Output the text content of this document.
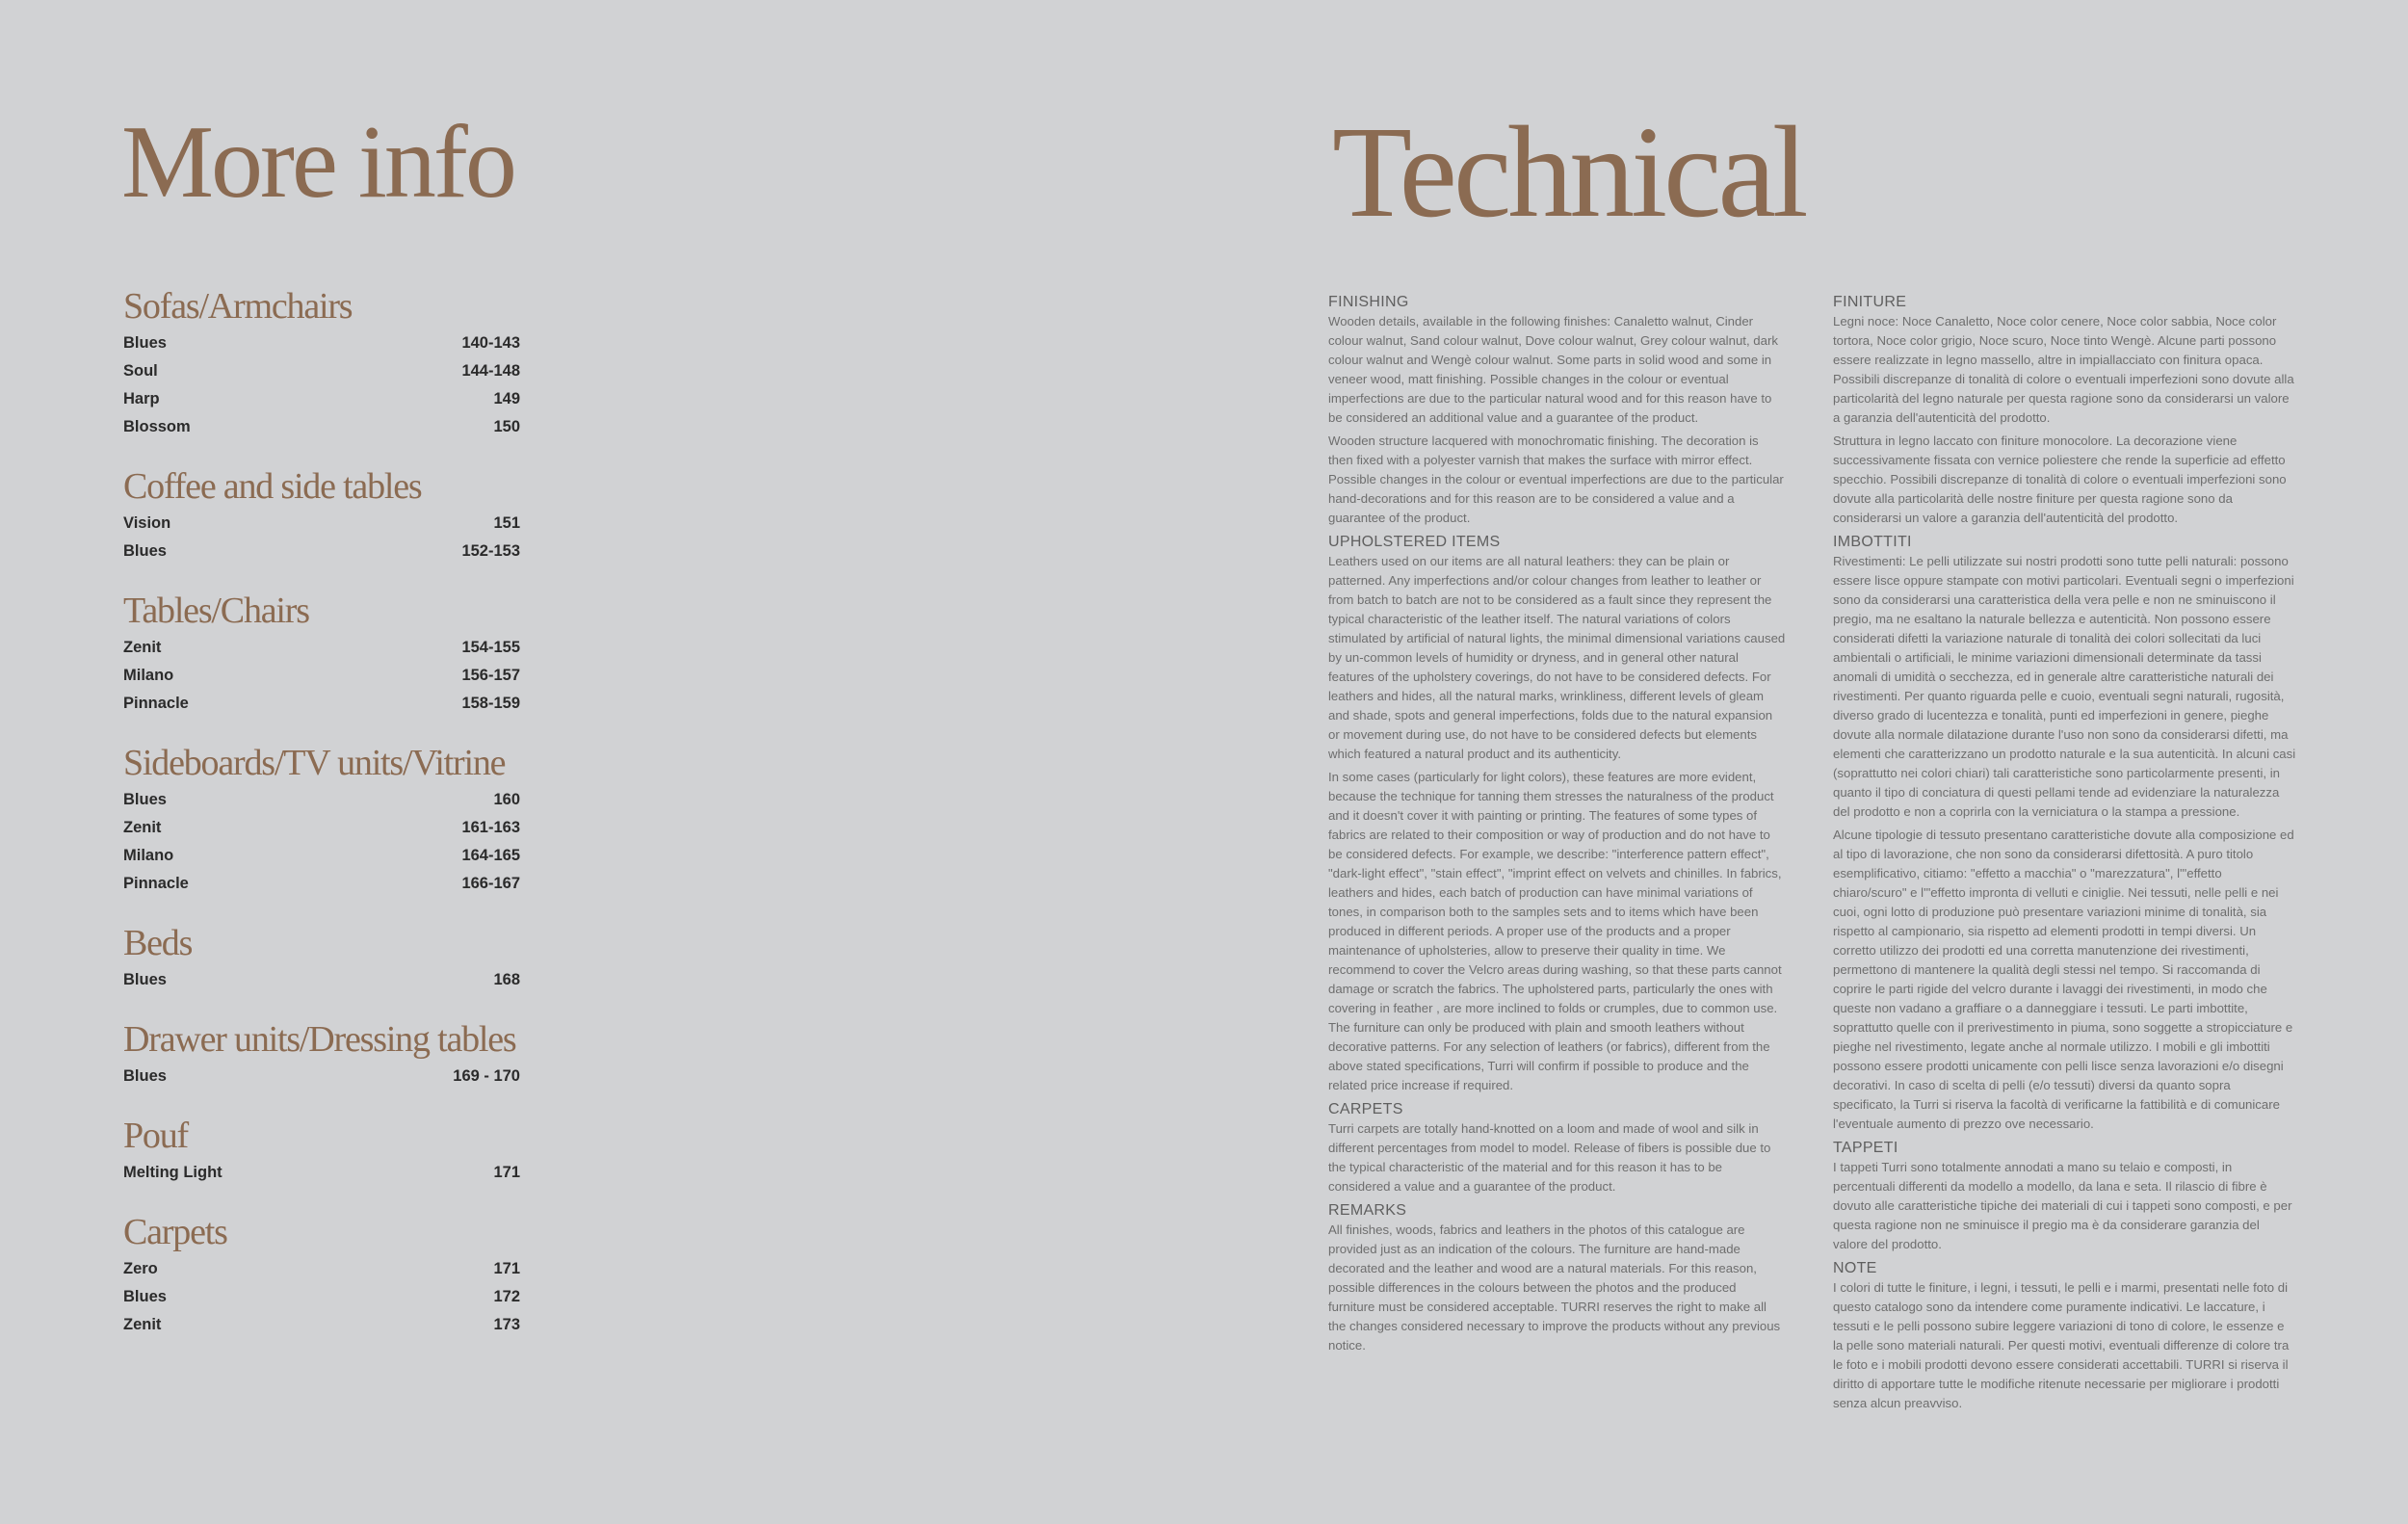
More info
Sofas/Armchairs
Blues	140-143
Soul	144-148
Harp	149
Blossom	150
Coffee and side tables
Vision	151
Blues	152-153
Tables/Chairs
Zenit	154-155
Milano	156-157
Pinnacle	158-159
Sideboards/TV units/Vitrine
Blues	160
Zenit	161-163
Milano	164-165
Pinnacle	166-167
Beds
Blues	168
Drawer units/Dressing tables
Blues	169 - 170
Pouf
Melting Light	171
Carpets
Zero	171
Blues	172
Zenit	173
Technical
FINISHING

Wooden details, available in the following finishes: Canaletto walnut, Cinder colour walnut, Sand colour walnut, Dove colour walnut, Grey colour walnut, dark colour walnut and Wengè colour walnut. Some parts in solid wood and some in veneer wood, matt finishing. Possible changes in the colour or eventual imperfections are due to the particular natural wood and for this reason have to be considered an additional value and a guarantee of the product.

Wooden structure lacquered with monochromatic finishing. The decoration is then fixed with a polyester varnish that makes the surface with mirror effect. Possible changes in the colour or eventual imperfections are due to the particular hand-decorations and for this reason are to be considered a value and a guarantee of the product.

UPHOLSTERED ITEMS

Leathers used on our items are all natural leathers: they can be plain or patterned. Any imperfections and/or colour changes from leather to leather or from batch to batch are not to be considered as a fault since they represent the typical characteristic of the leather itself. The natural variations of colors stimulated by artificial of natural lights, the minimal dimensional variations caused by un-common levels of humidity or dryness, and in general other natural features of the upholstery coverings, do not have to be considered defects. For leathers and hides, all the natural marks, wrinkliness, different levels of gleam and shade, spots and general imperfections, folds due to the natural expansion or movement during use, do not have to be considered defects but elements which featured a natural product and its authenticity.

In some cases (particularly for light colors), these features are more evident, because the technique for tanning them stresses the naturalness of the product and it doesn't cover it with painting or printing. The features of some types of fabrics are related to their composition or way of production and do not have to be considered defects. For example, we describe: "interference pattern effect", "dark-light effect", "stain effect", "imprint effect on velvets and chinilles. In fabrics, leathers and hides, each batch of production can have minimal variations of tones, in comparison both to the samples sets and to items which have been produced in different periods. A proper use of the products and a proper maintenance of upholsteries, allow to preserve their quality in time. We recommend to cover the Velcro areas during washing, so that these parts cannot damage or scratch the fabrics. The upholstered parts, particularly the ones with covering in feather , are more inclined to folds or crumples, due to common use. The furniture can only be produced with plain and smooth leathers without decorative patterns. For any selection of leathers (or fabrics), different from the above stated specifications, Turri will confirm if possible to produce and the related price increase if required.

CARPETS

Turri carpets are totally hand-knotted on a loom and made of wool and silk in different percentages from model to model. Release of fibers is possible due to the typical characteristic of the material and for this reason it has to be considered a value and a guarantee of the product.

REMARKS

All finishes, woods, fabrics and leathers in the photos of this catalogue are provided just as an indication of the colours. The furniture are hand-made decorated and the leather and wood are a natural materials. For this reason, possible differences in the colours between the photos and the produced furniture must be considered acceptable. TURRI reserves the right to make all the changes considered necessary to improve the products without any previous notice.

FINITURE

Legni noce: Noce Canaletto, Noce color cenere, Noce color sabbia, Noce color tortora, Noce color grigio, Noce scuro, Noce tinto Wengè. Alcune parti possono essere realizzate in legno massello, altre in impiallacciato con finitura opaca. Possibili discrepanze di tonalità di colore o eventuali imperfezioni sono dovute alla particolarità del legno naturale per questa ragione sono da considerarsi un valore a garanzia dell'autenticità del prodotto.

Struttura in legno laccato con finiture monocolore. La decorazione viene successivamente fissata con vernice poliestere che rende la superficie ad effetto specchio. Possibili discrepanze di tonalità di colore o eventuali imperfezioni sono dovute alla particolarità delle nostre finiture per questa ragione sono da considerarsi un valore a garanzia dell'autenticità del prodotto.

IMBOTTITI

Rivestimenti: Le pelli utilizzate sui nostri prodotti sono tutte pelli naturali: possono essere lisce oppure stampate con motivi particolari. Eventuali segni o imperfezioni sono da considerarsi una caratteristica della vera pelle e non ne sminuiscono il pregio, ma ne esaltano la naturale bellezza e autenticità. Non possono essere considerati difetti la variazione naturale di tonalità dei colori sollecitati da luci ambientali o artificiali, le minime variazioni dimensionali determinate da tassi anomali di umidità o secchezza, ed in generale altre caratteristiche naturali dei rivestimenti. Per quanto riguarda pelle e cuoio, eventuali segni naturali, rugosità, diverso grado di lucentezza e tonalità, punti ed imperfezioni in genere, pieghe dovute alla normale dilatazione durante l'uso non sono da considerarsi difetti, ma elementi che caratterizzano un prodotto naturale e la sua autenticità. In alcuni casi (soprattutto nei colori chiari) tali caratteristiche sono particolarmente presenti, in quanto il tipo di conciatura di questi pellami tende ad evidenziare la naturalezza del prodotto e non a coprirla con la verniciatura o la stampa a pressione.

Alcune tipologie di tessuto presentano caratteristiche dovute alla composizione ed al tipo di lavorazione, che non sono da considerarsi difettosità. A puro titolo esemplificativo, citiamo: "effetto a macchia" o "marezzatura", l'"effetto chiaro/scuro" e l'"effetto impronta di velluti e ciniglie. Nei tessuti, nelle pelli e nei cuoi, ogni lotto di produzione può presentare variazioni minime di tonalità, sia rispetto al campionario, sia rispetto ad elementi prodotti in tempi diversi. Un corretto utilizzo dei prodotti ed una corretta manutenzione dei rivestimenti, permettono di mantenere la qualità degli stessi nel tempo. Si raccomanda di coprire le parti rigide del velcro durante i lavaggi dei rivestimenti, in modo che queste non vadano a graffiare o a danneggiare i tessuti. Le parti imbottite, soprattutto quelle con il prerivestimento in piuma, sono soggette a stropicciature e pieghe nel rivestimento, legate anche al normale utilizzo. I mobili e gli imbottiti possono essere prodotti unicamente con pelli lisce senza lavorazioni e/o disegni decorativi. In caso di scelta di pelli (e/o tessuti) diversi da quanto sopra specificato, la Turri si riserva la facoltà di verificarne la fattibilità e di comunicare l'eventuale aumento di prezzo ove necessario.

TAPPETI

I tappeti Turri sono totalmente annodati a mano su telaio e composti, in percentuali differenti da modello a modello, da lana e seta. Il rilascio di fibre è dovuto alle caratteristiche tipiche dei materiali di cui i tappeti sono composti, e per questa ragione non ne sminuisce il pregio ma è da considerare garanzia del valore del prodotto.

NOTE

I colori di tutte le finiture, i legni, i tessuti, le pelli e i marmi, presentati nelle foto di questo catalogo sono da intendere come puramente indicativi. Le laccature, i tessuti e le pelli possono subire leggere variazioni di tono di colore, le essenze e la pelle sono materiali naturali. Per questi motivi, eventuali differenze di colore tra le foto e i mobili prodotti devono essere considerati accettabili. TURRI si riserva il diritto di apportare tutte le modifiche ritenute necessarie per migliorare i prodotti senza alcun preavviso.
